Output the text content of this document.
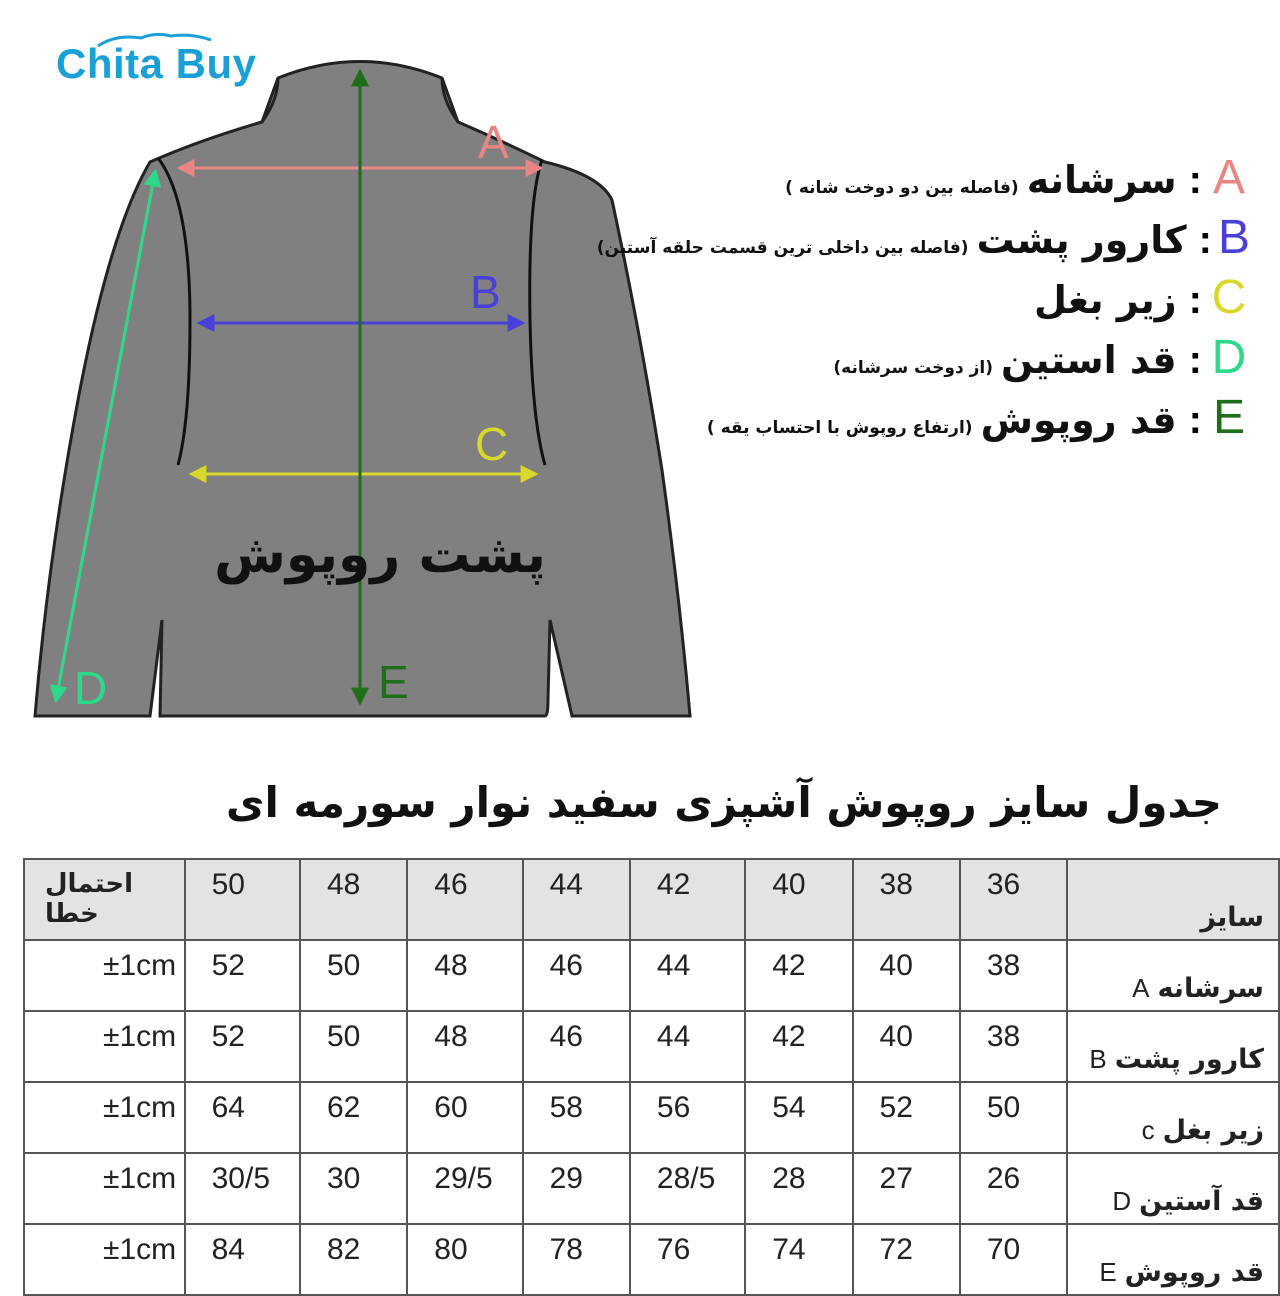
Chita Buy
A
B
C
D	E
پشت روپوش
A
:
سرشانه
(فاصله بین دو دوخت شانه )
B
:
کارور پشت
(فاصله بین داخلی ترین قسمت حلقه آستین)
C
:
زیر بغل
D
:
قد استین
(از دوخت سرشانه)
E
:
قد روپوش
(ارتفاع روپوش با احتساب یقه )
جدول سایز روپوش آشپزی سفید نوار سورمه ای
سایز	36	38	40	42	44	46	48	50	احتمال خطا
سرشانهA	38	40	42	44	46	48	50	52	±1cm
کارور پشتB	38	40	42	44	46	48	50	52	±1cm
زیر بغلc	50	52	54	56	58	60	62	64	±1cm
قد آستینD	26	27	28	28/5	29	29/5	30	30/5	±1cm
قد روپوشE	70	72	74	76	78	80	82	84	±1cm
